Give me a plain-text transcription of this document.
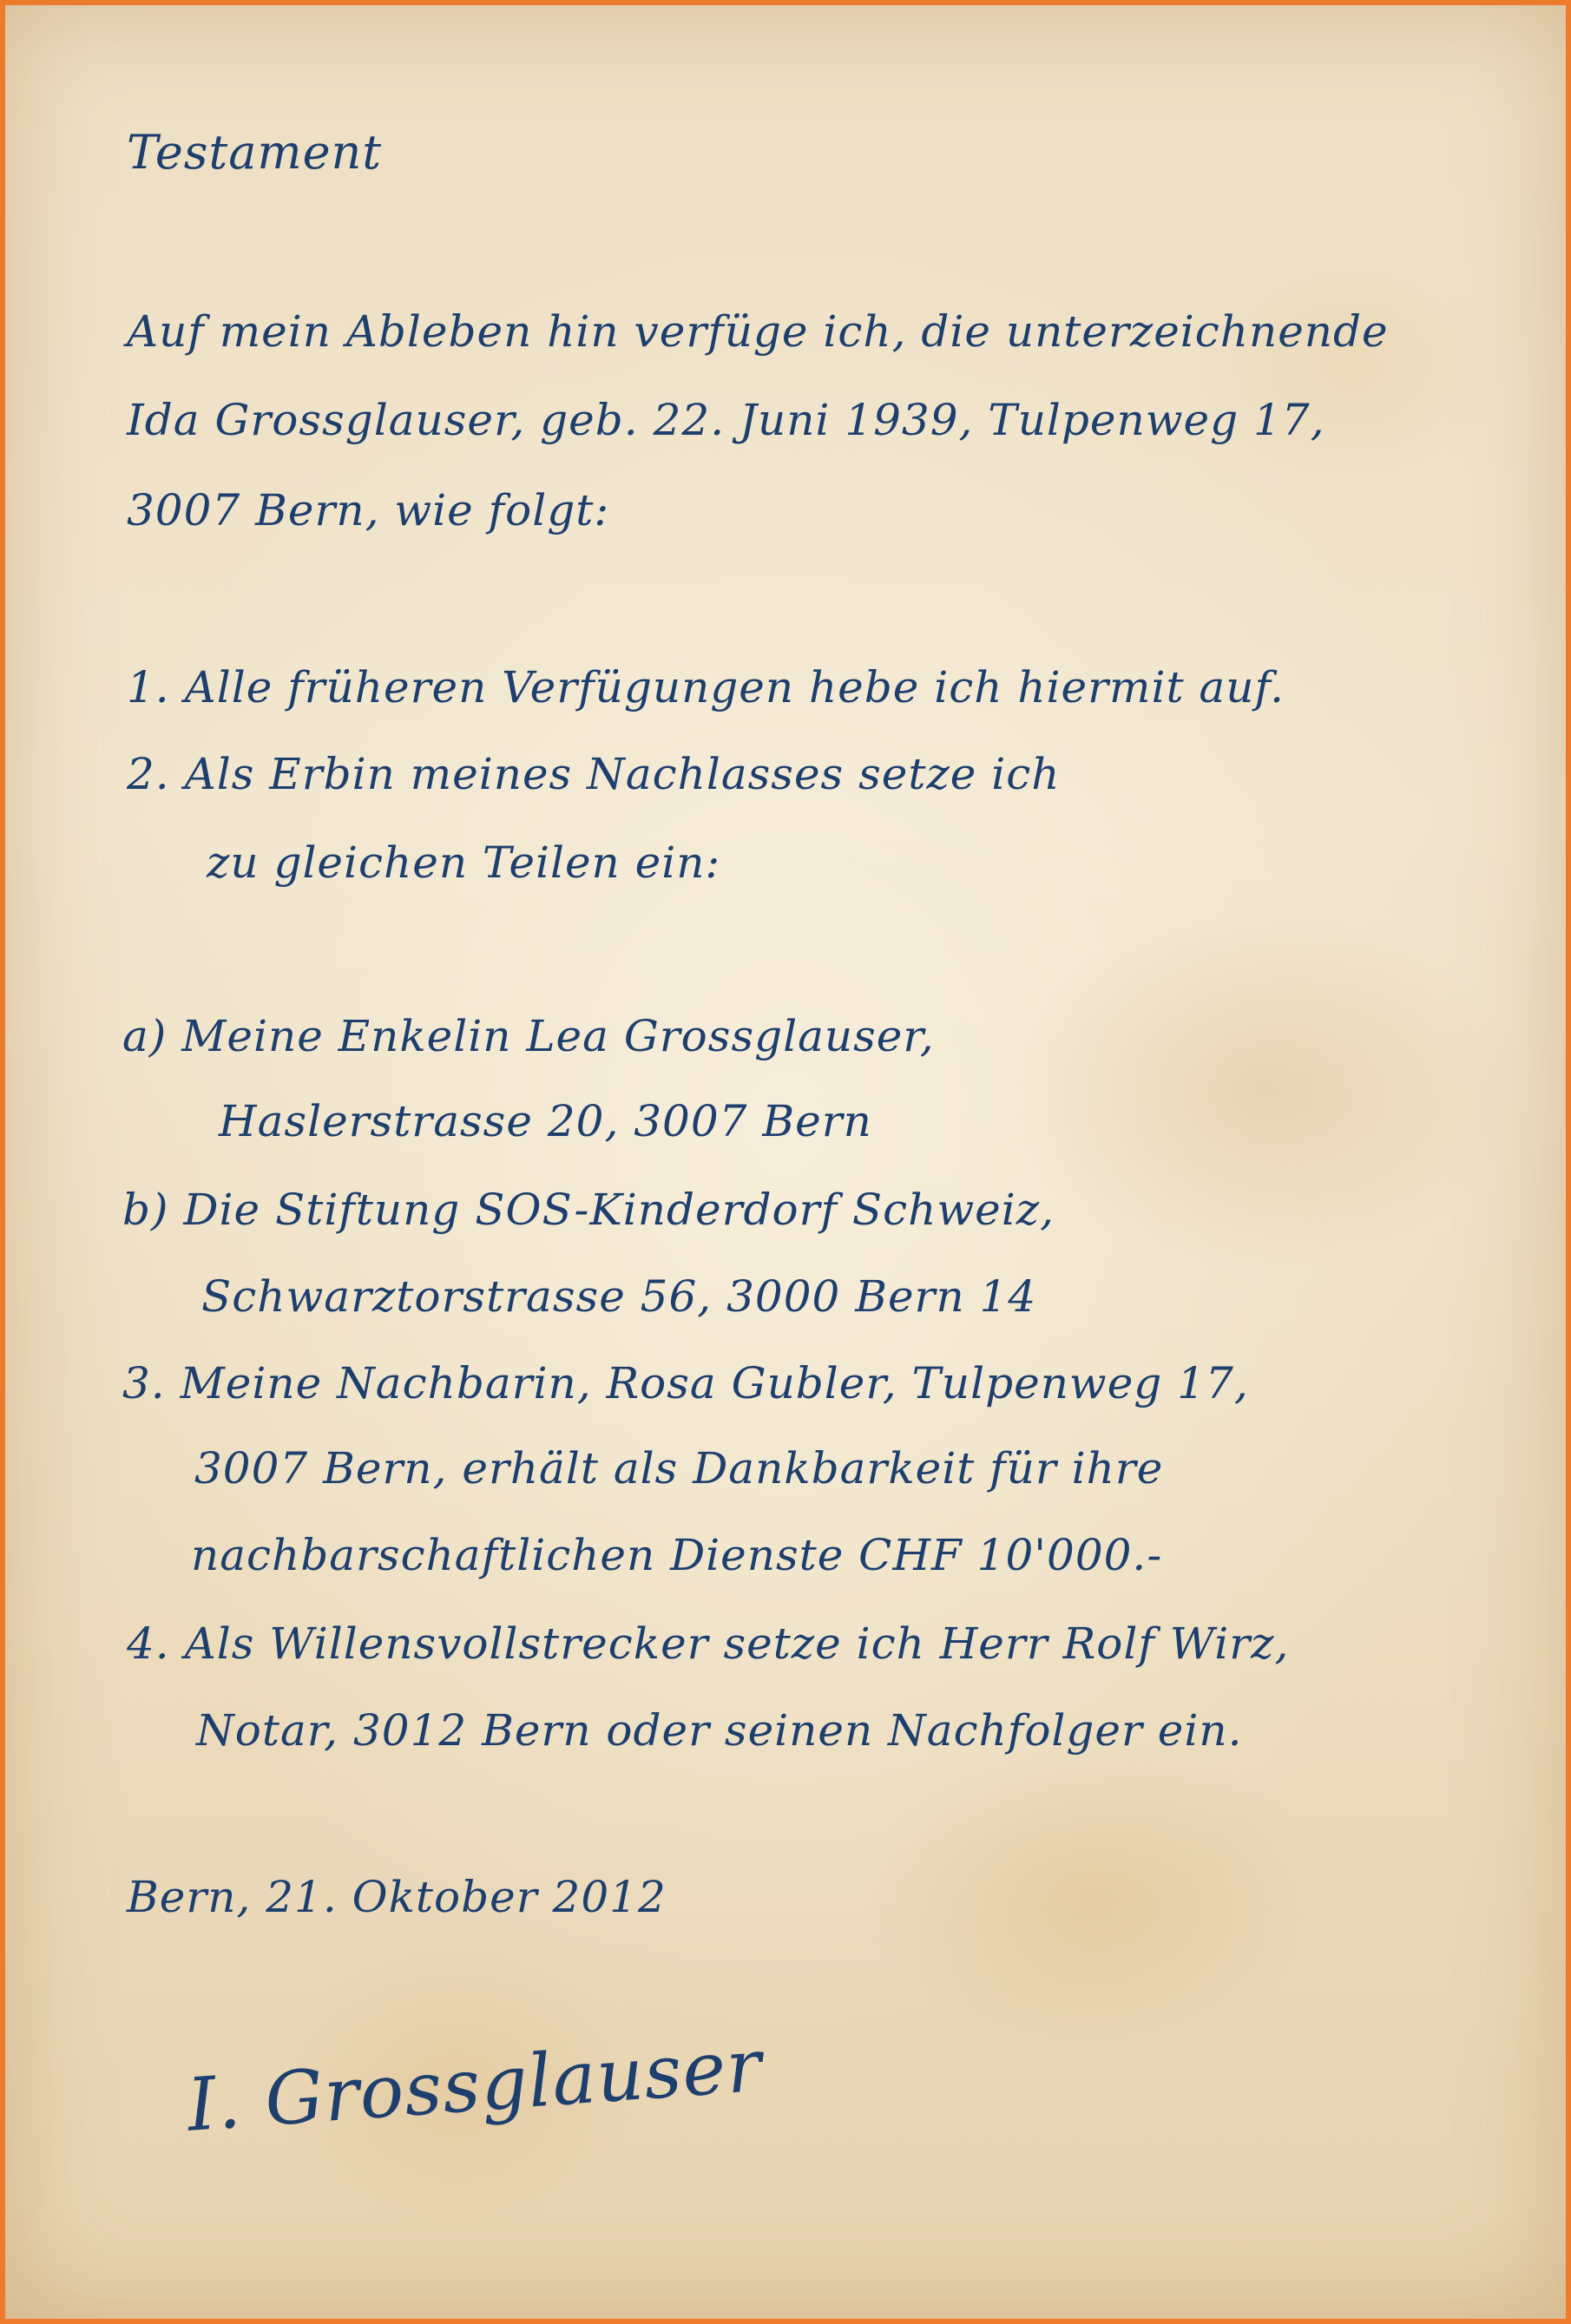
Testament

Auf mein Ableben hin verfüge ich, die unterzeichnende

Ida Grossglauser, geb. 22. Juni 1939, Tulpenweg 17,

3007 Bern, wie folgt:

1. Alle früheren Verfügungen hebe ich hiermit auf.

2. Als Erbin meines Nachlasses setze ich

zu gleichen Teilen ein:

a) Meine Enkelin Lea Grossglauser,

Haslerstrasse 20, 3007 Bern

b) Die Stiftung SOS-Kinderdorf Schweiz,

Schwarztorstrasse 56, 3000 Bern 14

3. Meine Nachbarin, Rosa Gubler, Tulpenweg 17,

3007 Bern, erhält als Dankbarkeit für ihre

nachbarschaftlichen Dienste CHF 10'000.-

4. Als Willensvollstrecker setze ich Herr Rolf Wirz,

Notar, 3012 Bern oder seinen Nachfolger ein.

Bern, 21. Oktober 2012

I. Grossglauser
